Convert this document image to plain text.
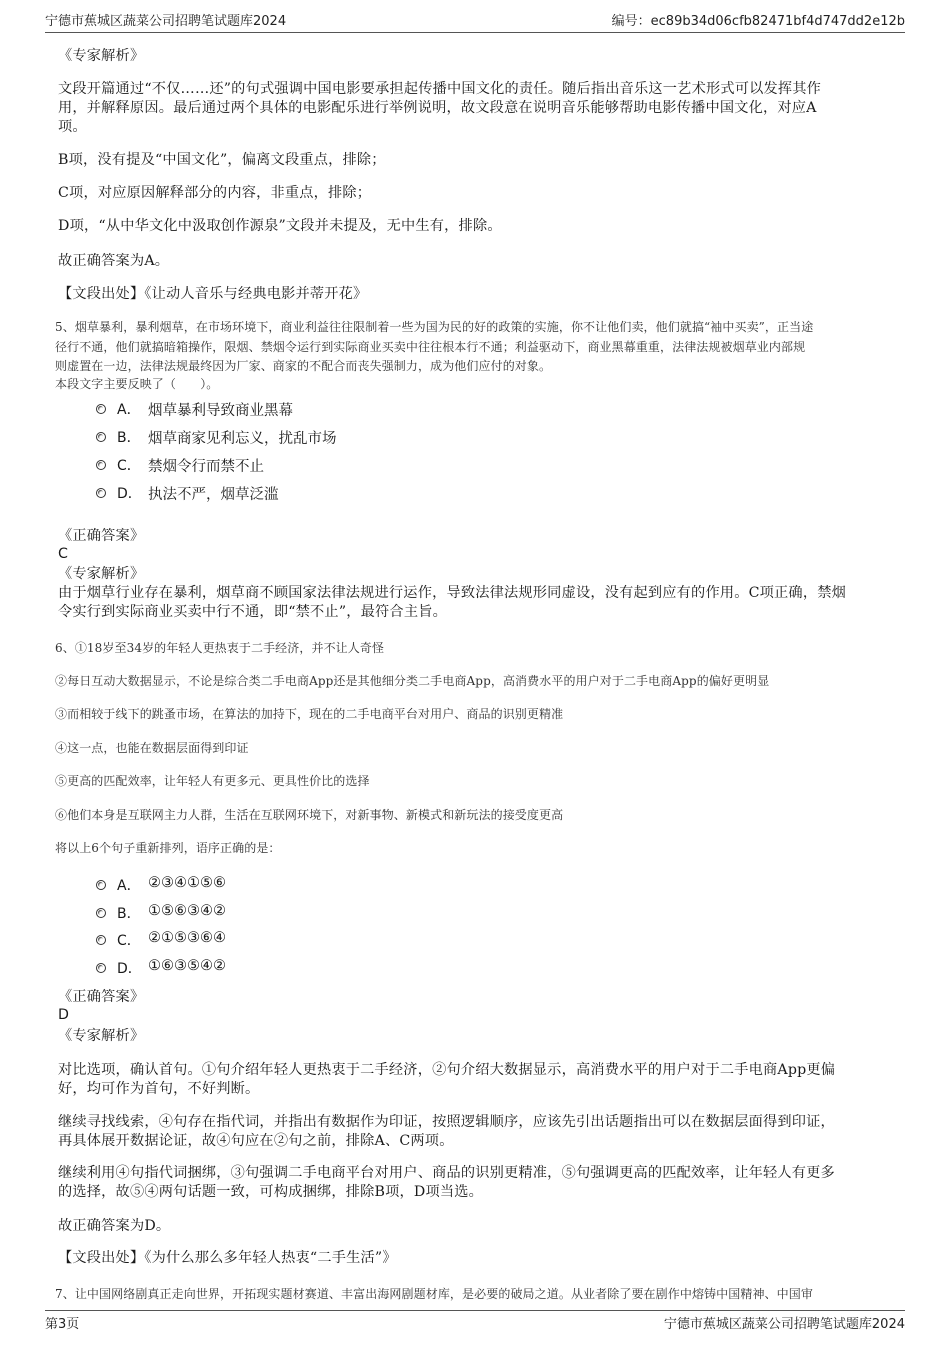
宁德市蕉城区蔬菜公司招聘笔试题库2024	编号：ec89b34d06cfb82471bf4d747dd2e12b
《专家解析》
文段开篇通过“不仅……还”的句式强调中国电影要承担起传播中国文化的责任。随后指出音乐这一艺术形式可以发挥其作
用，并解释原因。最后通过两个具体的电影配乐进行举例说明，故文段意在说明音乐能够帮助电影传播中国文化，对应A
项。
B项，没有提及“中国文化”，偏离文段重点，排除；
C项，对应原因解释部分的内容，非重点，排除；
D项，“从中华文化中汲取创作源泉”文段并未提及，无中生有，排除。
故正确答案为A。
【文段出处】《让动人音乐与经典电影并蒂开花》
5、烟草暴利，暴利烟草，在市场环境下，商业利益往往限制着一些为国为民的好的政策的实施，你不让他们卖，他们就搞“袖中买卖”，正当途
径行不通，他们就搞暗箱操作，限烟、禁烟令运行到实际商业买卖中往往根本行不通；利益驱动下，商业黑幕重重，法律法规被烟草业内部规
则虚置在一边，法律法规最终因为厂家、商家的不配合而丧失强制力，成为他们应付的对象。
本段文字主要反映了（　　）。
A． 烟草暴利导致商业黑幕
B． 烟草商家见利忘义，扰乱市场
C． 禁烟令行而禁不止
D． 执法不严，烟草泛滥
《正确答案》
C
《专家解析》
由于烟草行业存在暴利，烟草商不顾国家法律法规进行运作，导致法律法规形同虚设，没有起到应有的作用。C项正确，禁烟
令实行到实际商业买卖中行不通，即“禁不止”，最符合主旨。
6、①18岁至34岁的年轻人更热衷于二手经济，并不让人奇怪
②每日互动大数据显示，不论是综合类二手电商App还是其他细分类二手电商App，高消费水平的用户对于二手电商App的偏好更明显
③而相较于线下的跳蚤市场，在算法的加持下，现在的二手电商平台对用户、商品的识别更精准
④这一点，也能在数据层面得到印证
⑤更高的匹配效率，让年轻人有更多元、更具性价比的选择
⑥他们本身是互联网主力人群，生活在互联网环境下，对新事物、新模式和新玩法的接受度更高
将以上6个句子重新排列，语序正确的是：
A． ②③④①⑤⑥
B． ①⑤⑥③④②
C． ②①⑤③⑥④
D． ①⑥③⑤④②
《正确答案》
D
《专家解析》
对比选项，确认首句。①句介绍年轻人更热衷于二手经济，②句介绍大数据显示，高消费水平的用户对于二手电商App更偏
好，均可作为首句，不好判断。
继续寻找线索，④句存在指代词，并指出有数据作为印证，按照逻辑顺序，应该先引出话题指出可以在数据层面得到印证，
再具体展开数据论证，故④句应在②句之前，排除A、C两项。
继续利用④句指代词捆绑，③句强调二手电商平台对用户、商品的识别更精准，⑤句强调更高的匹配效率，让年轻人有更多
的选择，故⑤④两句话题一致，可构成捆绑，排除B项，D项当选。
故正确答案为D。
【文段出处】《为什么那么多年轻人热衷“二手生活”》
7、让中国网络剧真正走向世界，开拓现实题材赛道、丰富出海网剧题材库，是必要的破局之道。从业者除了要在剧作中熔铸中国精神、中国审
第3页	宁德市蕉城区蔬菜公司招聘笔试题库2024
